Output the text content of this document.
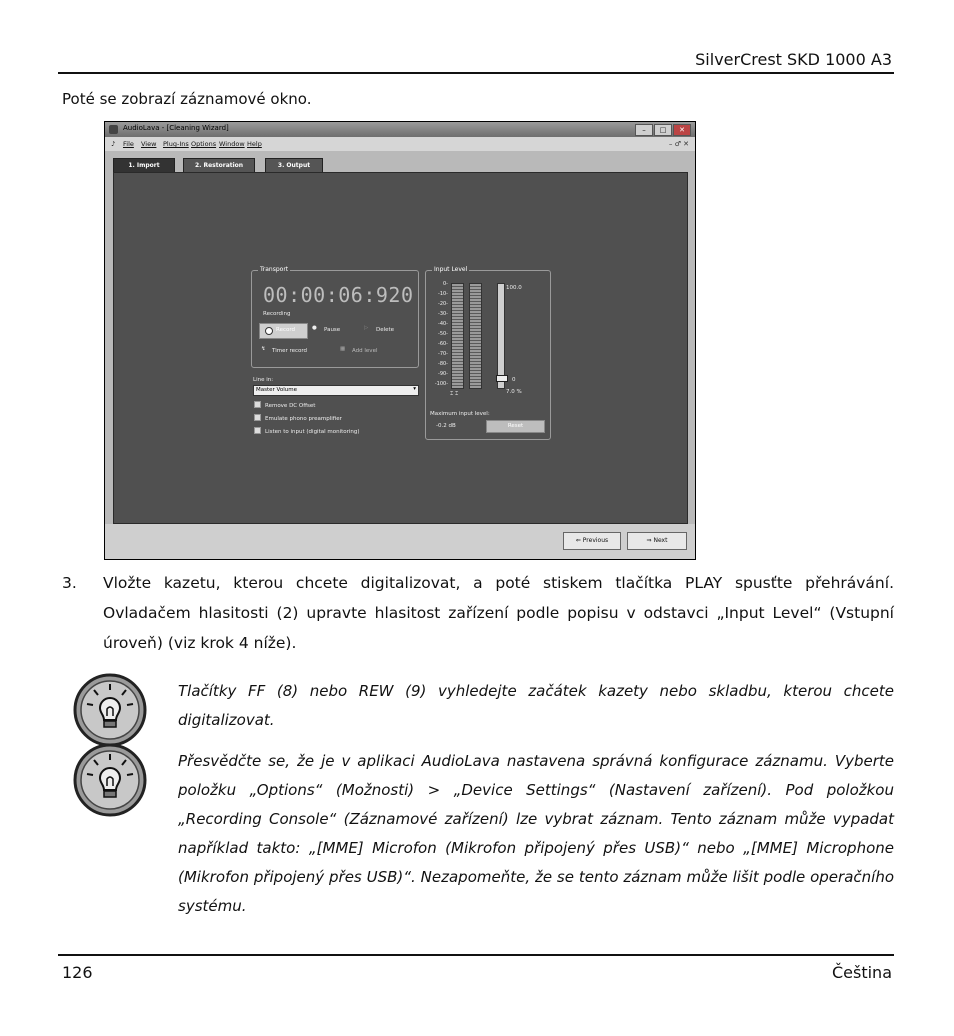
SilverCrest SKD 1000 A3
Poté se zobrazí záznamové okno.
AudioLava - [Cleaning Wizard]	–	□	✕
♪ File View Plug-Ins Options Window Help	– ♂ ✕
1. Import	2. Restoration	3. Output
Transport
00:00:06:920
Recording
Record	● Pause	▷ Delete
↯ Timer record	▦ Add level
Line in:
Master Volume	▾
Remove DC Offset
Emulate phono preamplifier
Listen to input (digital monitoring)
Input Level
0-
-10-
-20-
-30-
-40-
-50-
-60-
-70-
-80-
-90-
-100-
⌶ ⌶
100.0
0
7.0 %
Maximum input level:
-0.2 dB	Reset
⇐ Previous	⇒ Next
3. Vložte kazetu, kterou chcete digitalizovat, a poté stiskem tlačítka PLAY spusťte přehrávání. Ovladačem hlasitosti (2) upravte hlasitost zařízení podle popisu v odstavci „Input Level“ (Vstupní úroveň) (viz krok 4 níže).
Tlačítky FF (8) nebo REW (9) vyhledejte začátek kazety nebo skladbu, kterou chcete digitalizovat.
Přesvědčte se, že je v aplikaci AudioLava nastavena správná konfigurace záznamu. Vyberte položku „Options“ (Možnosti) > „Device Settings“ (Nastavení zařízení). Pod položkou „Recording Console“ (Záznamové zařízení) lze vybrat záznam. Tento záznam může vypadat například takto: „[MME] Microfon (Mikrofon připojený přes USB)“ nebo „[MME] Microphone (Mikrofon připojený přes USB)“. Nezapomeňte, že se tento záznam může lišit podle operačního systému.
126	Čeština
